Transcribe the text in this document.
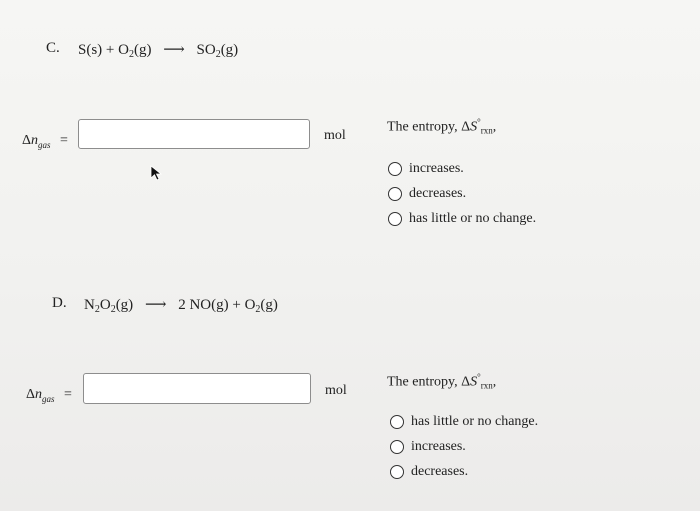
C. $S(s) + O_2(g)$ ⟶ $SO_2(g)$
$\Delta n_{gas}$ =	mol
The entropy, $\Delta S^\circ_{rxn}$,
increases.
decreases.
has little or no change.
D. $N_2O_2(g)$ ⟶ 2 $NO(g) + O_2(g)$
$\Delta n_{gas}$ =	mol
The entropy, $\Delta S^\circ_{rxn}$,
has little or no change.
increases.
decreases.
